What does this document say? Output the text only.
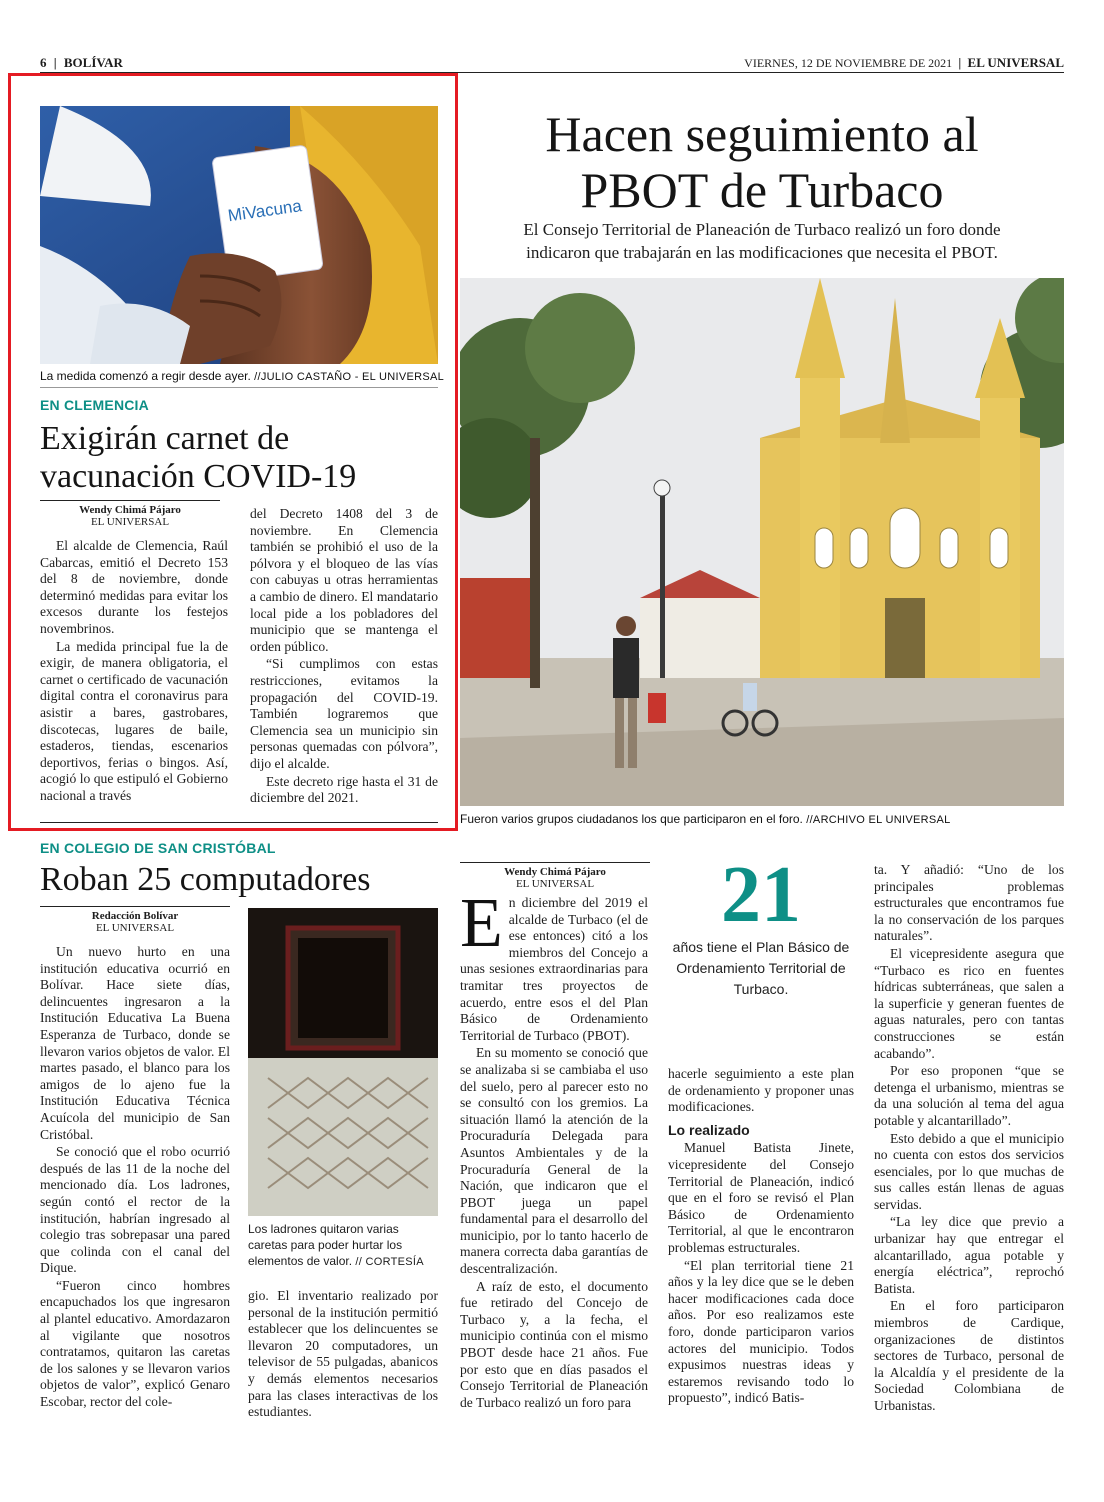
6 | BOLÍVAR	VIERNES, 12 DE NOVIEMBRE DE 2021 | EL UNIVERSAL
MiVacuna
La medida comenzó a regir desde ayer. //JULIO CASTAÑO - EL UNIVERSAL
EN CLEMENCIA
Exigirán carnet de
vacunación COVID-19
Wendy Chimá Pájaro
EL UNIVERSAL

El alcalde de Clemencia, Raúl Cabarcas, emitió el Decreto 153 del 8 de noviembre, donde determinó medidas para evitar los excesos durante los festejos novembrinos.

La medida principal fue la de exigir, de manera obligatoria, el carnet o certificado de vacunación digital contra el coronavirus para asistir a bares, gastrobares, discotecas, lugares de baile, estaderos, tiendas, escenarios deportivos, ferias o bingos. Así, acogió lo que estipuló el Gobierno nacional a través

del Decreto 1408 del 3 de noviembre. En Clemencia también se prohibió el uso de la pólvora y el bloqueo de las vías con cabuyas u otras herramientas a cambio de dinero. El mandatario local pide a los pobladores del municipio que se mantenga el orden público.

“Si cumplimos con estas restricciones, evitamos la propagación del COVID-19. También lograremos que Clemencia sea un municipio sin personas quemadas con pólvora”, dijo el alcalde.

Este decreto rige hasta el 31 de diciembre del 2021.

Hacen seguimiento al
PBOT de Turbaco
El Consejo Territorial de Planeación de Turbaco realizó un foro donde
indicaron que trabajarán en las modificaciones que necesita el PBOT.
Fueron varios grupos ciudadanos los que participaron en el foro. //ARCHIVO EL UNIVERSAL
Wendy Chimá Pájaro
EL UNIVERSAL

En diciembre del 2019 el alcalde de Turbaco (el de ese entonces) citó a los miembros del Concejo a unas sesiones extraordinarias para tramitar tres proyectos de acuerdo, entre esos el del Plan Básico de Ordenamiento Territorial de Turbaco (PBOT).

En su momento se conoció que se analizaba si se cambiaba el uso del suelo, pero al parecer esto no se consultó con los gremios. La situación llamó la atención de la Procuraduría Delegada para Asuntos Ambientales y de la Procuraduría General de la Nación, que indicaron que el PBOT juega un papel fundamental para el desarrollo del municipio, por lo tanto hacerlo de manera correcta daba garantías de descentralización.

A raíz de esto, el documento fue retirado del Concejo de Turbaco y, a la fecha, el municipio continúa con el mismo PBOT desde hace 21 años. Fue por esto que en días pasados el Consejo Territorial de Planeación de Turbaco realizó un foro para

21
años tiene el Plan Básico de Ordenamiento Territorial de Turbaco.

hacerle seguimiento a este plan de ordenamiento y proponer unas modificaciones.

Lo realizado

Manuel Batista Jinete, vicepresidente del Consejo Territorial de Planeación, indicó que en el foro se revisó el Plan Básico de Ordenamiento Territorial, al que le encontraron problemas estructurales.

“El plan territorial tiene 21 años y la ley dice que se le deben hacer modificaciones cada doce años. Por eso realizamos este foro, donde participaron varios actores del municipio. Todos expusimos nuestras ideas y estaremos revisando todo lo propuesto”, indicó Batis-

ta. Y añadió: “Uno de los principales problemas estructurales que encontramos fue la no conservación de los parques naturales”.

El vicepresidente asegura que “Turbaco es rico en fuentes hídricas subterráneas, que salen a la superficie y generan fuentes de aguas naturales, pero con tantas construcciones se están acabando”.

Por eso proponen “que se detenga el urbanismo, mientras se da una solución al tema del agua potable y alcantarillado”.

Esto debido a que el municipio no cuenta con estos dos servicios esenciales, por lo que muchas de sus calles están llenas de aguas servidas.

“La ley dice que previo a urbanizar hay que entregar el alcantarillado, agua potable y energía eléctrica”, reprochó Batista.

En el foro participaron miembros de Cardique, organizaciones de distintos sectores de Turbaco, personal de la Alcaldía y el presidente de la Sociedad Colombiana de Urbanistas.

EN COLEGIO DE SAN CRISTÓBAL
Roban 25 computadores
Redacción Bolívar
EL UNIVERSAL

Un nuevo hurto en una institución educativa ocurrió en Bolívar. Hace siete días, delincuentes ingresaron a la Institución Educativa La Buena Esperanza de Turbaco, donde se llevaron varios objetos de valor. El martes pasado, el blanco para los amigos de lo ajeno fue la Institución Educativa Técnica Acuícola del municipio de San Cristóbal.

Se conoció que el robo ocurrió después de las 11 de la noche del mencionado día. Los ladrones, según contó el rector de la institución, habrían ingresado al colegio tras sobrepasar una pared que colinda con el canal del Dique.

“Fueron cinco hombres encapuchados los que ingresaron al plantel educativo. Amordazaron al vigilante que nosotros contratamos, quitaron las caretas de los salones y se llevaron varios objetos de valor”, explicó Genaro Escobar, rector del cole-

Los ladrones quitaron varias caretas para poder hurtar los elementos de valor. // CORTESÍA

gio. El inventario realizado por personal de la institución permitió establecer que los delincuentes se llevaron 20 computadores, un televisor de 55 pulgadas, abanicos y demás elementos necesarios para las clases interactivas de los estudiantes.
